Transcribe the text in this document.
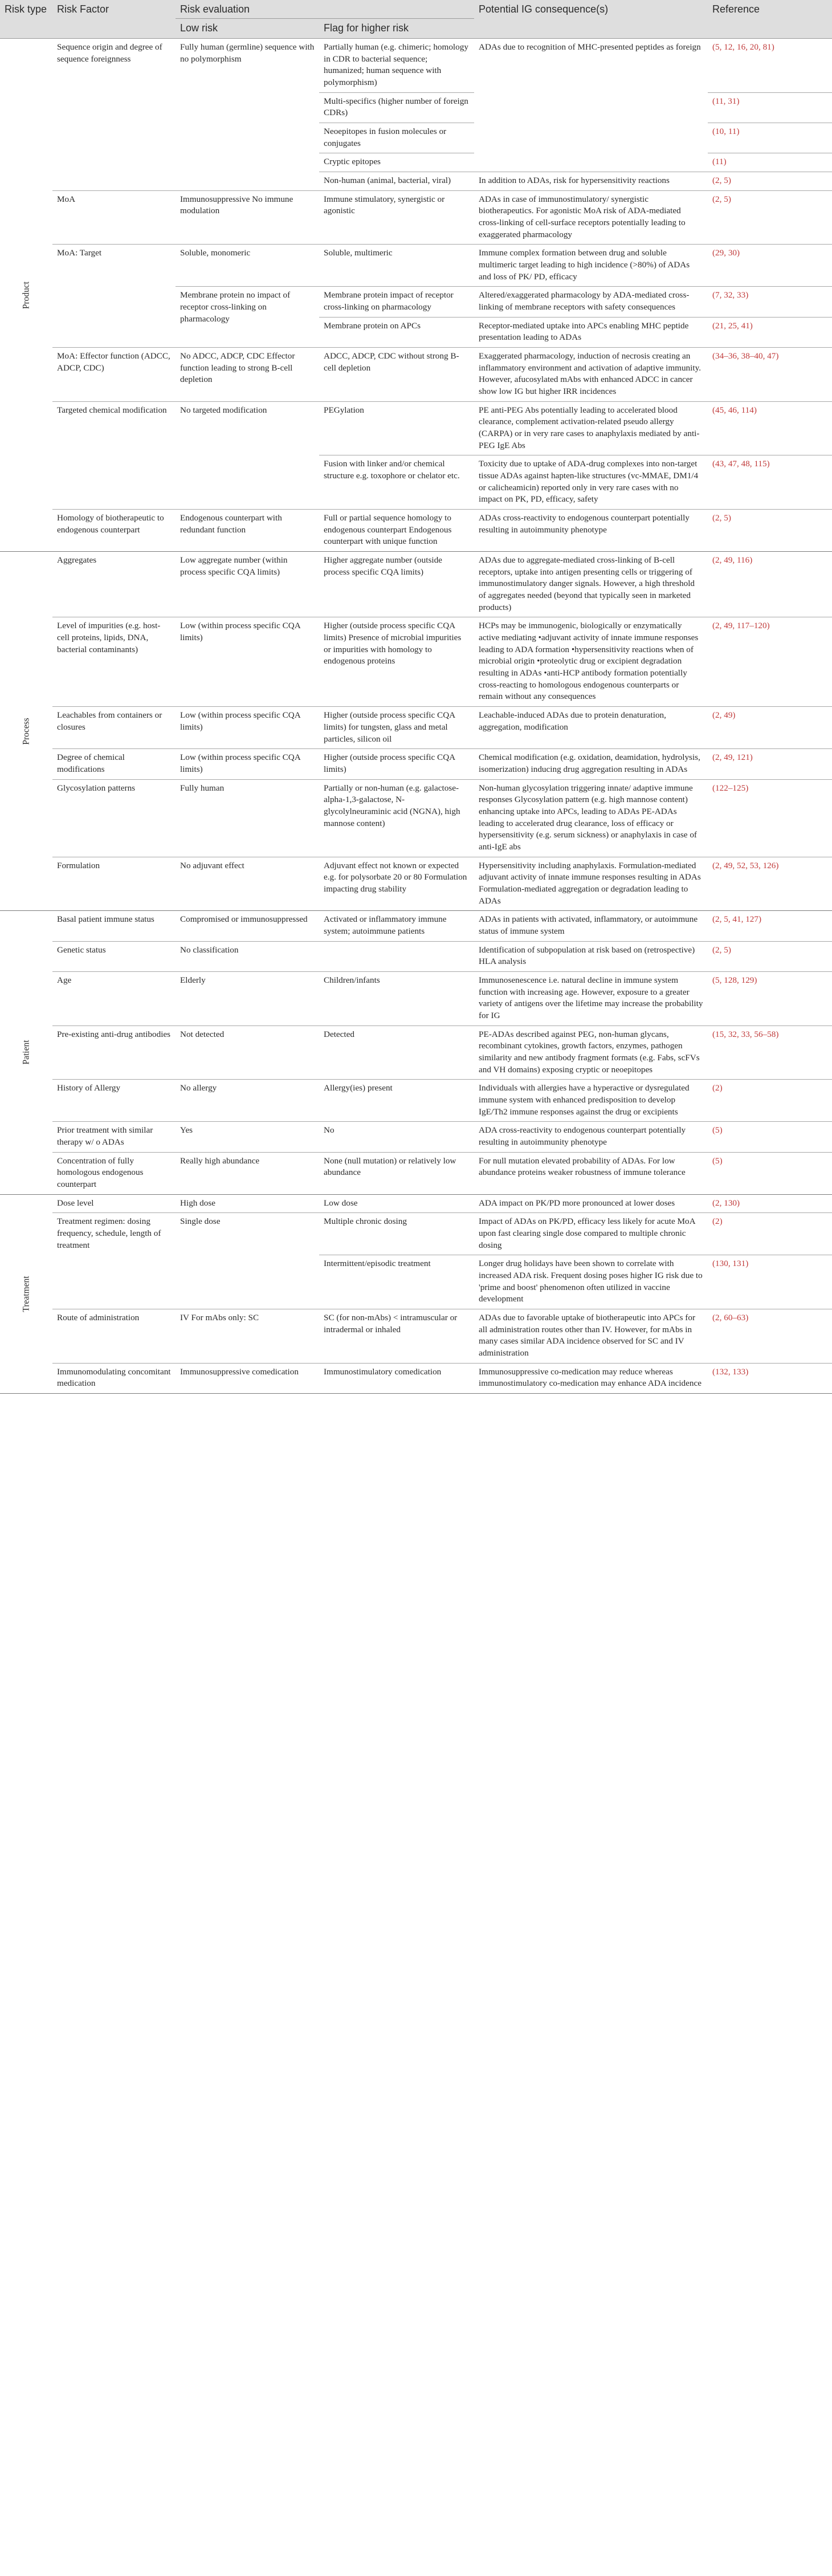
Risk type	Risk Factor	Risk evaluation		Potential IG consequence(s)	Reference
		Low risk	Flag for higher risk		

Product	Sequence origin and degree of sequence foreignness	Fully human (germline) sequence with no polymorphism	Partially human (e.g. chimeric; homology in CDR to bacterial sequence; humanized; human sequence with polymorphism)	ADAs due to recognition of MHC-presented peptides as foreign	(5, 12, 16, 20, 81)
			Multi-specifics (higher number of foreign CDRs)		(11, 31)
			Neoepitopes in fusion molecules or conjugates		(10, 11)
			Cryptic epitopes		(11)
			Non-human (animal, bacterial, viral)	In addition to ADAs, risk for hypersensitivity reactions	(2, 5)
	MoA	Immunosuppressive No immune modulation	Immune stimulatory, synergistic or agonistic	ADAs in case of immunostimulatory/ synergistic biotherapeutics. For agonistic MoA risk of ADA-mediated cross-linking of cell-surface receptors potentially leading to exaggerated pharmacology	(2, 5)
	MoA: Target	Soluble, monomeric	Soluble, multimeric	Immune complex formation between drug and soluble multimeric target leading to high incidence (>80%) of ADAs and loss of PK/ PD, efficacy	(29, 30)
		Membrane protein no impact of receptor cross-linking on pharmacology	Membrane protein impact of receptor cross-linking on pharmacology	Altered/exaggerated pharmacology by ADA-mediated cross-linking of membrane receptors with safety consequences	(7, 32, 33)
			Membrane protein on APCs	Receptor-mediated uptake into APCs enabling MHC peptide presentation leading to ADAs	(21, 25, 41)
	MoA: Effector function (ADCC, ADCP, CDC)	No ADCC, ADCP, CDC Effector function leading to strong B-cell depletion	ADCC, ADCP, CDC without strong B-cell depletion	Exaggerated pharmacology, induction of necrosis creating an inflammatory environment and activation of adaptive immunity. However, afucosylated mAbs with enhanced ADCC in cancer show low IG but higher IRR incidences	(34–36, 38–40, 47)
	Targeted chemical modification	No targeted modification	PEGylation	PE anti-PEG Abs potentially leading to accelerated blood clearance, complement activation-related pseudo allergy (CARPA) or in very rare cases to anaphylaxis mediated by anti-PEG IgE Abs	(45, 46, 114)
			Fusion with linker and/or chemical structure e.g. toxophore or chelator etc.	Toxicity due to uptake of ADA-drug complexes into non-target tissue ADAs against hapten-like structures (vc-MMAE, DM1/4 or calicheamicin) reported only in very rare cases with no impact on PK, PD, efficacy, safety	(43, 47, 48, 115)
	Homology of biotherapeutic to endogenous counterpart	Endogenous counterpart with redundant function	Full or partial sequence homology to endogenous counterpart Endogenous counterpart with unique function	ADAs cross-reactivity to endogenous counterpart potentially resulting in autoimmunity phenotype	(2, 5)

Process	Aggregates	Low aggregate number (within process specific CQA limits)	Higher aggregate number (outside process specific CQA limits)	ADAs due to aggregate-mediated cross-linking of B-cell receptors, uptake into antigen presenting cells or triggering of immunostimulatory danger signals. However, a high threshold of aggregates needed (beyond that typically seen in marketed products)	(2, 49, 116)
	Level of impurities (e.g. host-cell proteins, lipids, DNA, bacterial contaminants)	Low (within process specific CQA limits)	Higher (outside process specific CQA limits) Presence of microbial impurities or impurities with homology to endogenous proteins	HCPs may be immunogenic, biologically or enzymatically active mediating •adjuvant activity of innate immune responses leading to ADA formation •hypersensitivity reactions when of microbial origin •proteolytic drug or excipient degradation resulting in ADAs •anti-HCP antibody formation potentially cross-reacting to homologous endogenous counterparts or remain without any consequences	(2, 49, 117–120)
	Leachables from containers or closures	Low (within process specific CQA limits)	Higher (outside process specific CQA limits) for tungsten, glass and metal particles, silicon oil	Leachable-induced ADAs due to protein denaturation, aggregation, modification	(2, 49)
	Degree of chemical modifications	Low (within process specific CQA limits)	Higher (outside process specific CQA limits)	Chemical modification (e.g. oxidation, deamidation, hydrolysis, isomerization) inducing drug aggregation resulting in ADAs	(2, 49, 121)
	Glycosylation patterns	Fully human	Partially or non-human (e.g. galactose-alpha-1,3-galactose, N-glycolylneuraminic acid (NGNA), high mannose content)	Non-human glycosylation triggering innate/ adaptive immune responses Glycosylation pattern (e.g. high mannose content) enhancing uptake into APCs, leading to ADAs PE-ADAs leading to accelerated drug clearance, loss of efficacy or hypersensitivity (e.g. serum sickness) or anaphylaxis in case of anti-IgE abs	(122–125)
	Formulation	No adjuvant effect	Adjuvant effect not known or expected e.g. for polysorbate 20 or 80 Formulation impacting drug stability	Hypersensitivity including anaphylaxis. Formulation-mediated adjuvant activity of innate immune responses resulting in ADAs Formulation-mediated aggregation or degradation leading to ADAs	(2, 49, 52, 53, 126)

Patient	Basal patient immune status	Compromised or immunosuppressed	Activated or inflammatory immune system; autoimmune patients	ADAs in patients with activated, inflammatory, or autoimmune status of immune system	(2, 5, 41, 127)
	Genetic status	No classification		Identification of subpopulation at risk based on (retrospective) HLA analysis	(2, 5)
	Age	Elderly	Children/infants	Immunosenescence i.e. natural decline in immune system function with increasing age. However, exposure to a greater variety of antigens over the lifetime may increase the probability for IG	(5, 128, 129)
	Pre-existing anti-drug antibodies	Not detected	Detected	PE-ADAs described against PEG, non-human glycans, recombinant cytokines, growth factors, enzymes, pathogen similarity and new antibody fragment formats (e.g. Fabs, scFVs and VH domains) exposing cryptic or neoepitopes	(15, 32, 33, 56–58)
	History of Allergy	No allergy	Allergy(ies) present	Individuals with allergies have a hyperactive or dysregulated immune system with enhanced predisposition to develop IgE/Th2 immune responses against the drug or excipients	(2)
	Prior treatment with similar therapy w/ o ADAs	Yes	No	ADA cross-reactivity to endogenous counterpart potentially resulting in autoimmunity phenotype	(5)
	Concentration of fully homologous endogenous counterpart	Really high abundance	None (null mutation) or relatively low abundance	For null mutation elevated probability of ADAs. For low abundance proteins weaker robustness of immune tolerance	(5)

Treatment	Dose level	High dose	Low dose	ADA impact on PK/PD more pronounced at lower doses	(2, 130)
	Treatment regimen: dosing frequency, schedule, length of treatment	Single dose	Multiple chronic dosing	Impact of ADAs on PK/PD, efficacy less likely for acute MoA upon fast clearing single dose compared to multiple chronic dosing	(2)
			Intermittent/episodic treatment	Longer drug holidays have been shown to correlate with increased ADA risk. Frequent dosing poses higher IG risk due to 'prime and boost' phenomenon often utilized in vaccine development	(130, 131)
	Route of administration	IV For mAbs only: SC	SC (for non-mAbs) < intramuscular or intradermal or inhaled	ADAs due to favorable uptake of biotherapeutic into APCs for all administration routes other than IV. However, for mAbs in many cases similar ADA incidence observed for SC and IV administration	(2, 60–63)
	Immunomodulating concomitant medication	Immunosuppressive comedication	Immunostimulatory comedication	Immunosuppressive co-medication may reduce whereas immunostimulatory co-medication may enhance ADA incidence	(132, 133)
